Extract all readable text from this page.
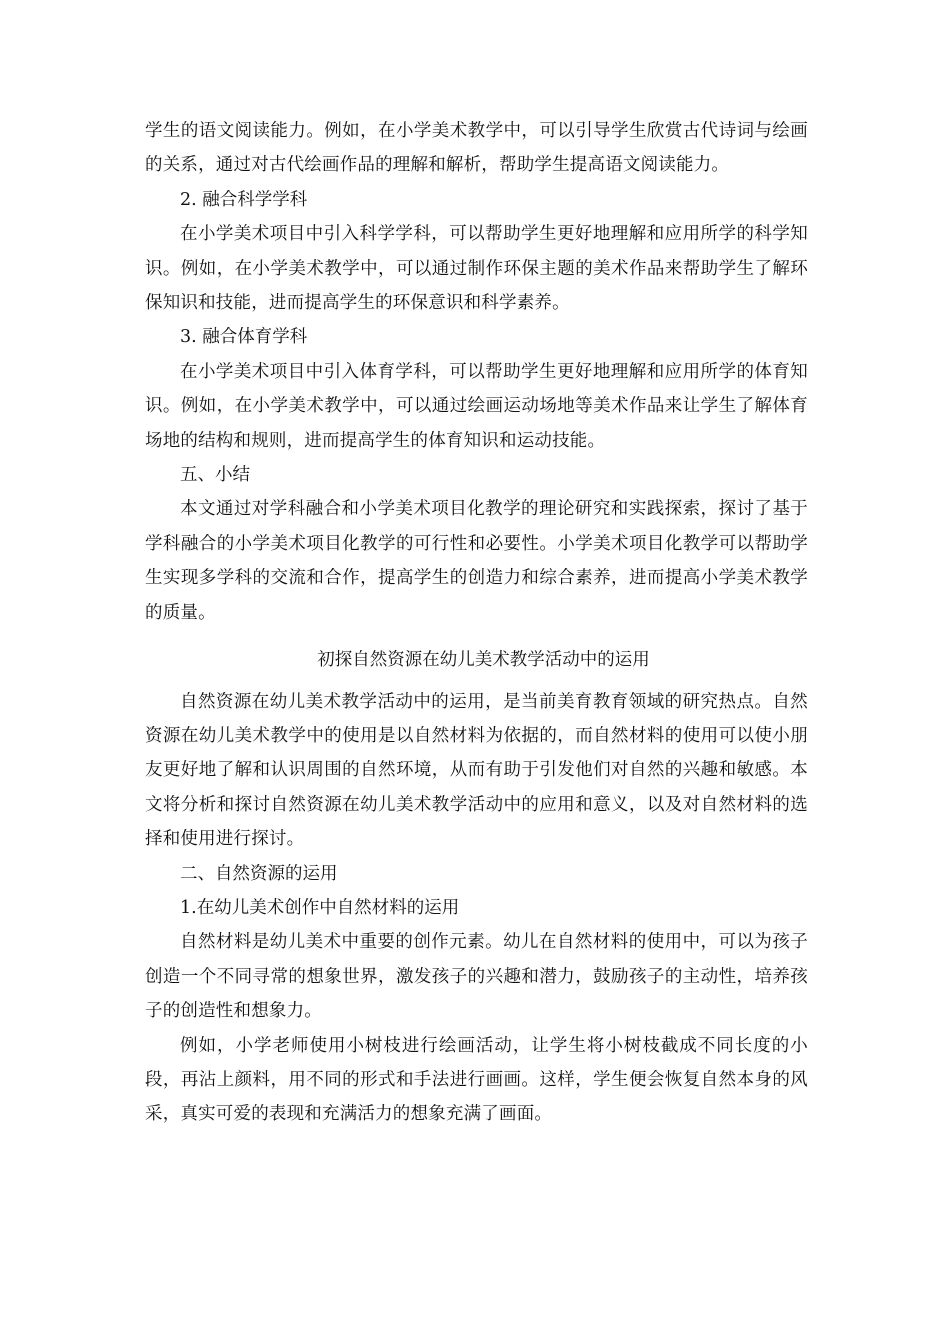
学生的语文阅读能力。例如，在小学美术教学中，可以引导学生欣赏古代诗词与绘画的关系，通过对古代绘画作品的理解和解析，帮助学生提高语文阅读能力。

2. 融合科学学科

在小学美术项目中引入科学学科，可以帮助学生更好地理解和应用所学的科学知识。例如，在小学美术教学中，可以通过制作环保主题的美术作品来帮助学生了解环保知识和技能，进而提高学生的环保意识和科学素养。

3. 融合体育学科

在小学美术项目中引入体育学科，可以帮助学生更好地理解和应用所学的体育知识。例如，在小学美术教学中，可以通过绘画运动场地等美术作品来让学生了解体育场地的结构和规则，进而提高学生的体育知识和运动技能。

五、小结

本文通过对学科融合和小学美术项目化教学的理论研究和实践探索，探讨了基于学科融合的小学美术项目化教学的可行性和必要性。小学美术项目化教学可以帮助学生实现多学科的交流和合作，提高学生的创造力和综合素养，进而提高小学美术教学的质量。

初探自然资源在幼儿美术教学活动中的运用

自然资源在幼儿美术教学活动中的运用，是当前美育教育领域的研究热点。自然资源在幼儿美术教学中的使用是以自然材料为依据的，而自然材料的使用可以使小朋友更好地了解和认识周围的自然环境，从而有助于引发他们对自然的兴趣和敏感。本文将分析和探讨自然资源在幼儿美术教学活动中的应用和意义，以及对自然材料的选择和使用进行探讨。

二、自然资源的运用

1.在幼儿美术创作中自然材料的运用

自然材料是幼儿美术中重要的创作元素。幼儿在自然材料的使用中，可以为孩子创造一个不同寻常的想象世界，激发孩子的兴趣和潜力，鼓励孩子的主动性，培养孩子的创造性和想象力。

例如，小学老师使用小树枝进行绘画活动，让学生将小树枝截成不同长度的小段，再沾上颜料，用不同的形式和手法进行画画。这样，学生便会恢复自然本身的风采，真实可爱的表现和充满活力的想象充满了画面。
